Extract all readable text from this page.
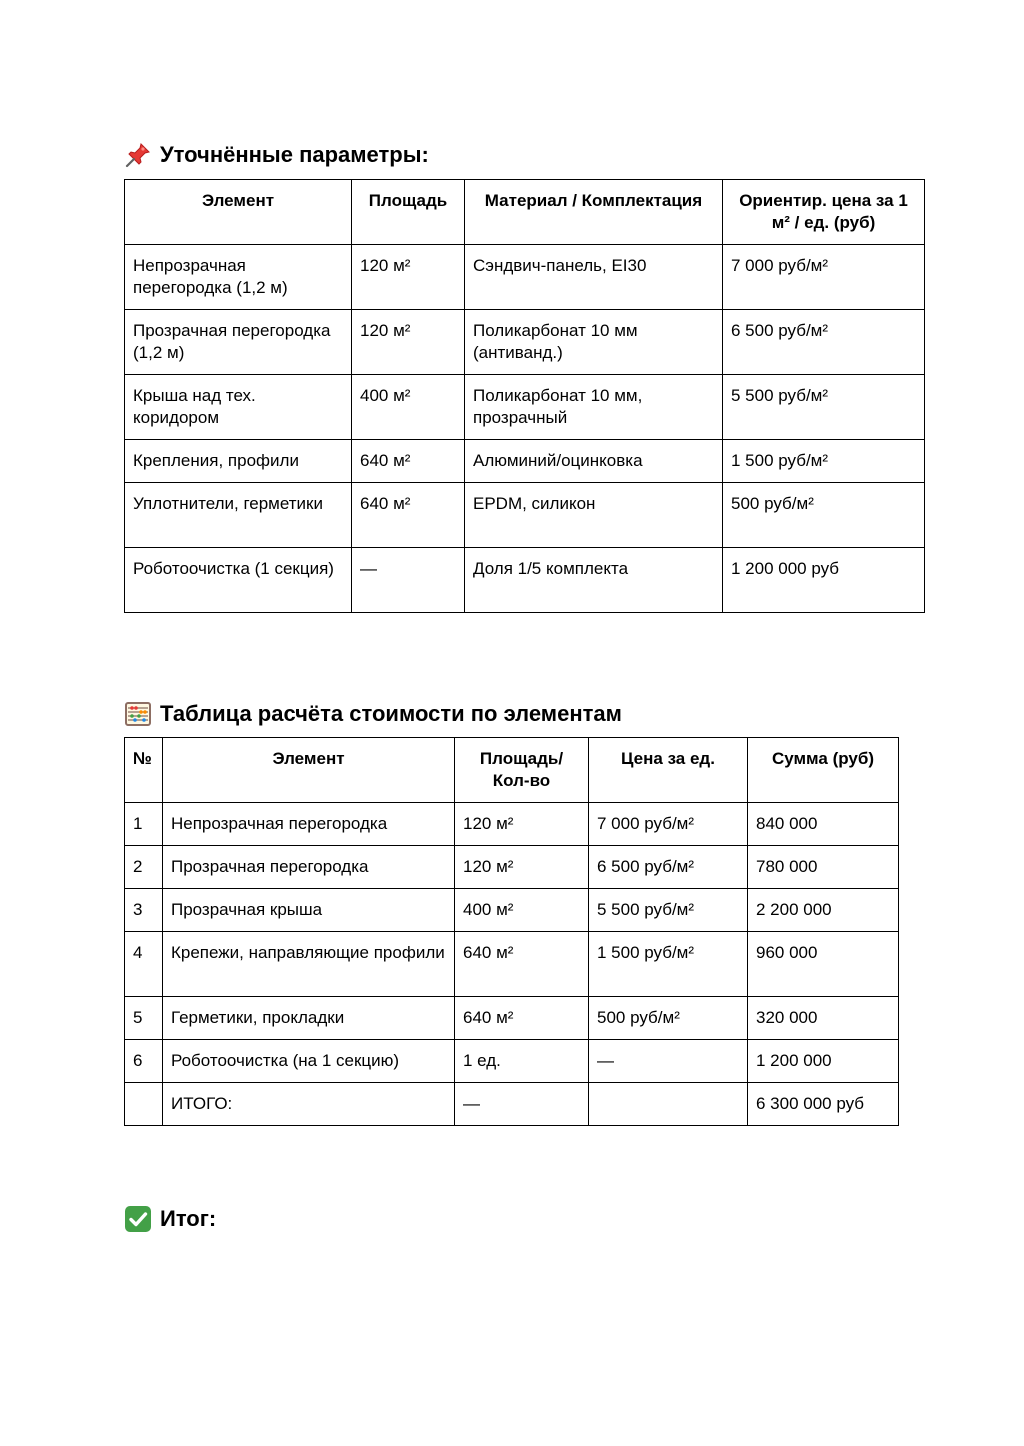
Уточнённые параметры:
Элемент	Площадь	Материал / Комплектация	Ориентир. цена за 1 м² / ед. (руб)
Непрозрачная перегородка (1,2 м)	120 м²	Сэндвич-панель, EI30	7 000 руб/м²
Прозрачная перегородка (1,2 м)	120 м²	Поликарбонат 10 мм (антиванд.)	6 500 руб/м²
Крыша над тех. коридором	400 м²	Поликарбонат 10 мм, прозрачный	5 500 руб/м²
Крепления, профили	640 м²	Алюминий/оцинковка	1 500 руб/м²
Уплотнители, герметики	640 м²	EPDM, силикон	500 руб/м²
Роботоочистка (1 секция)	—	Доля 1/5 комплекта	1 200 000 руб
Таблица расчёта стоимости по элементам
№	Элемент	Площадь/ Кол-во	Цена за ед.	Сумма (руб)
1	Непрозрачная перегородка	120 м²	7 000 руб/м²	840 000
2	Прозрачная перегородка	120 м²	6 500 руб/м²	780 000
3	Прозрачная крыша	400 м²	5 500 руб/м²	2 200 000
4	Крепежи, направляющие профили	640 м²	1 500 руб/м²	960 000
5	Герметики, прокладки	640 м²	500 руб/м²	320 000
6	Роботоочистка (на 1 секцию)	1 ед.	—	1 200 000
	ИТОГО:	—		6 300 000 руб
Итог:
